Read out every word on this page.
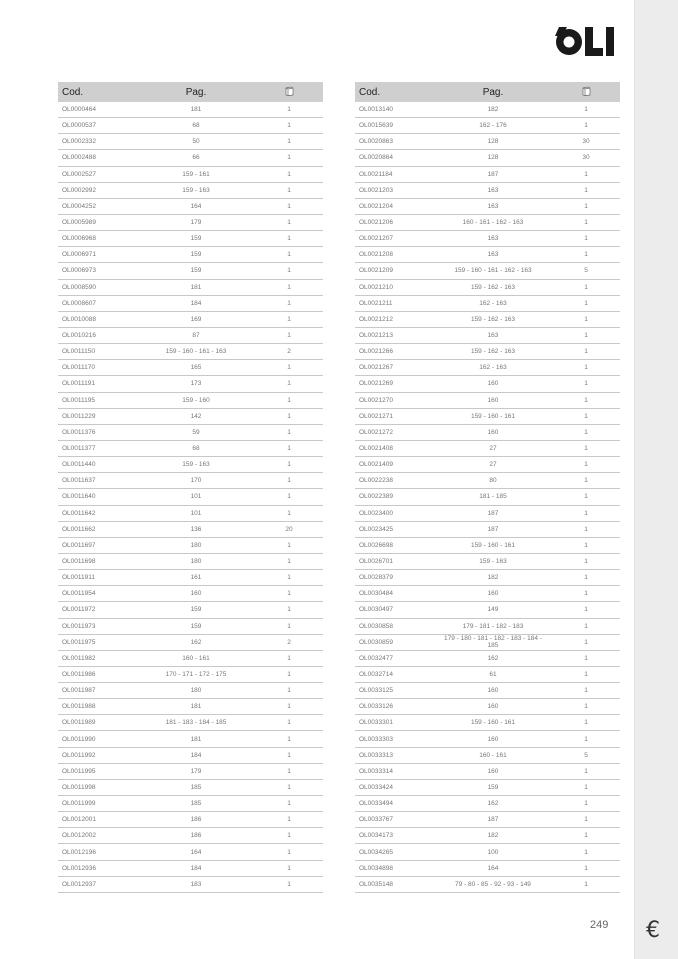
€
Cod.	Pag.
OL0000464	181	1
OL0000537	68	1
OL0002332	50	1
OL0002488	66	1
OL0002527	159 - 161	1
OL0002992	159 - 163	1
OL0004252	164	1
OL0005989	179	1
OL0006968	159	1
OL0006971	159	1
OL0006973	159	1
OL0008590	181	1
OL0008607	184	1
OL0010088	169	1
OL0010216	87	1
OL0011150	159 - 160 - 161 - 163	2
OL0011170	165	1
OL0011191	173	1
OL0011195	159 - 160	1
OL0011229	142	1
OL0011376	59	1
OL0011377	68	1
OL0011440	159 - 163	1
OL0011637	170	1
OL0011640	101	1
OL0011642	101	1
OL0011662	136	20
OL0011697	180	1
OL0011698	180	1
OL0011911	161	1
OL0011954	160	1
OL0011972	159	1
OL0011973	159	1
OL0011975	162	2
OL0011982	160 - 161	1
OL0011986	170 - 171 - 172 - 175	1
OL0011987	180	1
OL0011988	181	1
OL0011989	181 - 183 - 184 - 185	1
OL0011990	181	1
OL0011992	184	1
OL0011995	179	1
OL0011998	185	1
OL0011999	185	1
OL0012001	186	1
OL0012002	186	1
OL0012196	164	1
OL0012936	184	1
OL0012937	183	1
Cod.	Pag.
OL0013140	182	1
OL0015639	162 - 176	1
OL0020863	128	30
OL0020864	128	30
OL0021184	187	1
OL0021203	163	1
OL0021204	163	1
OL0021206	160 - 161 - 162 - 163	1
OL0021207	163	1
OL0021208	163	1
OL0021209	159 - 160 - 161 - 162 - 163	5
OL0021210	159 - 162 - 163	1
OL0021211	162 - 163	1
OL0021212	159 - 162 - 163	1
OL0021213	163	1
OL0021266	159 - 162 - 163	1
OL0021267	162 - 163	1
OL0021269	160	1
OL0021270	160	1
OL0021271	159 - 160 - 161	1
OL0021272	160	1
OL0021408	27	1
OL0021409	27	1
OL0022238	80	1
OL0022389	181 - 185	1
OL0023400	187	1
OL0023425	187	1
OL0026698	159 - 160 - 161	1
OL0026701	159 - 163	1
OL0028379	182	1
OL0030484	160	1
OL0030497	149	1
OL0030858	179 - 181 - 182 - 183	1
OL0030859	179 - 180 - 181 - 182 - 183 - 184 - 185	1
OL0032477	162	1
OL0032714	61	1
OL0033125	160	1
OL0033126	160	1
OL0033301	159 - 160 - 161	1
OL0033303	160	1
OL0033313	160 - 161	5
OL0033314	160	1
OL0033424	159	1
OL0033494	162	1
OL0033767	187	1
OL0034173	182	1
OL0034265	100	1
OL0034898	164	1
OL0035148	79 - 80 - 85 - 92 - 93 - 149	1
249
